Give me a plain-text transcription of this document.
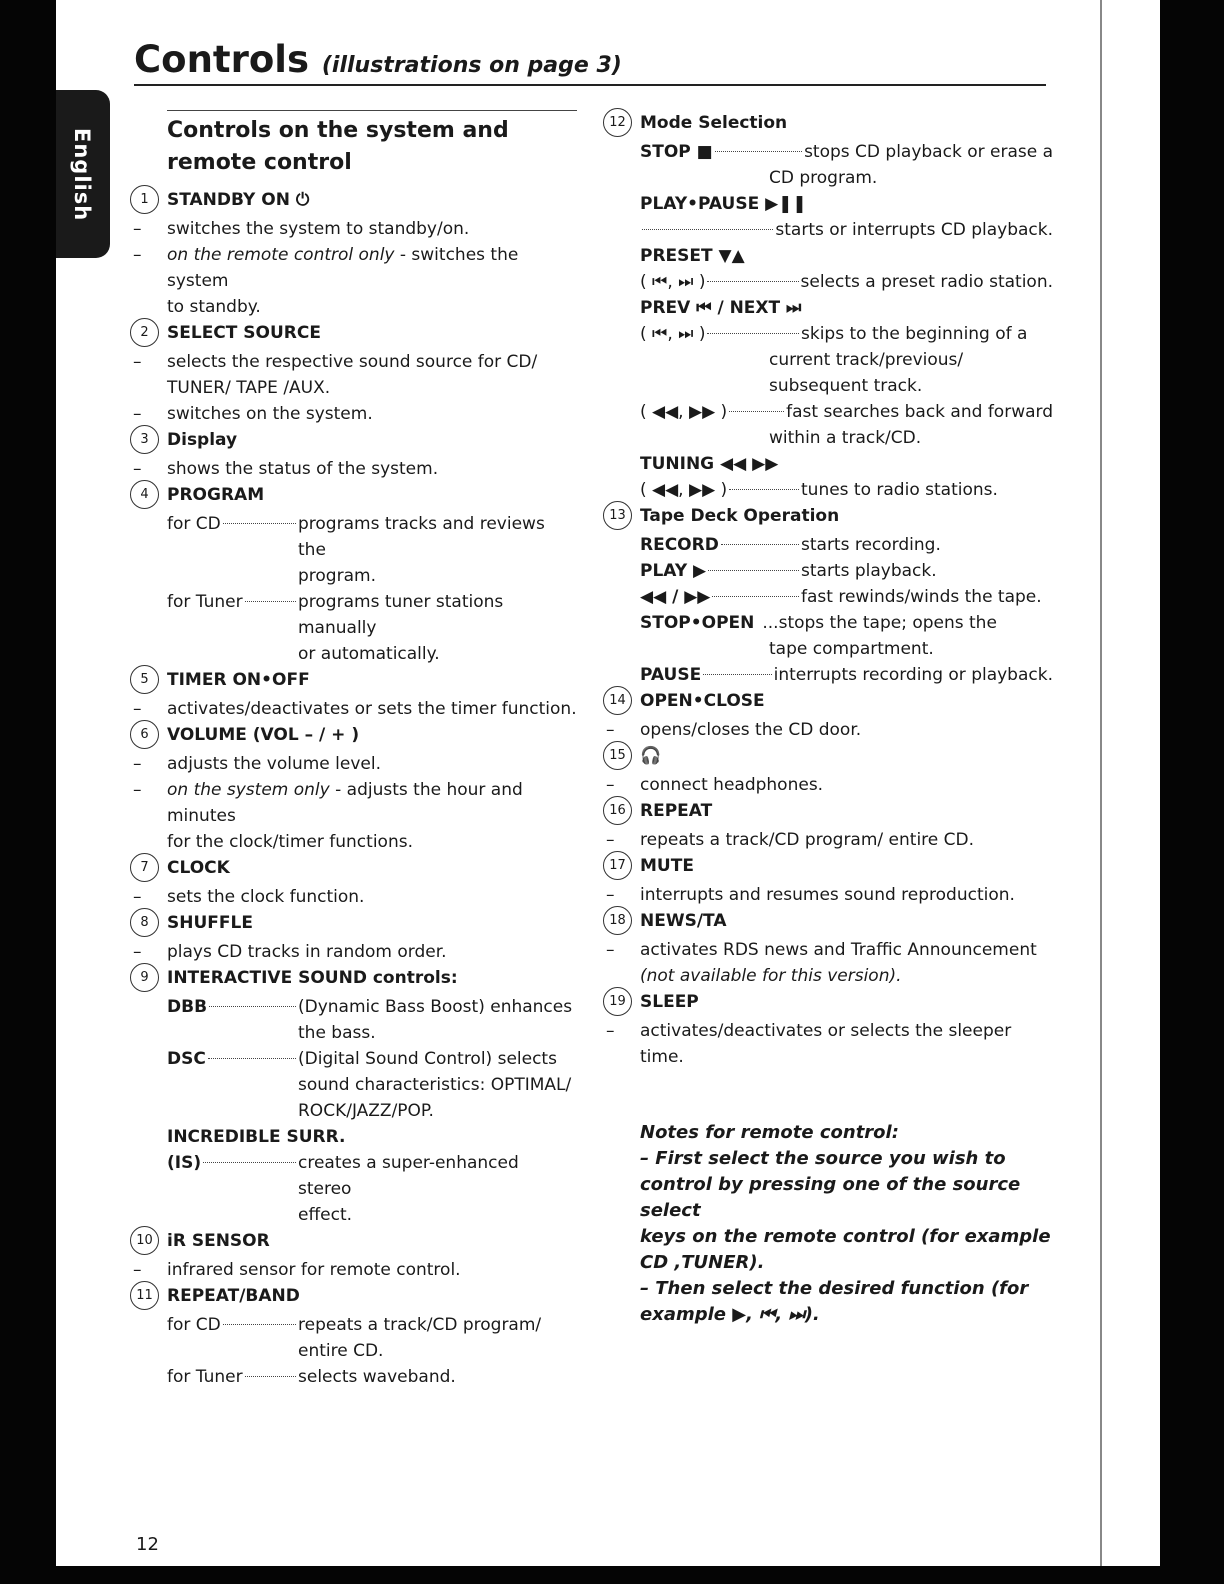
English
Controls (illustrations on page 3)
Controls on the system and
remote control
1	STANDBY ON ⏻
–	switches the system to standby/on.
–	on the remote control only - switches the system
to standby.
2	SELECT SOURCE
–	selects the respective sound source for CD/
TUNER/ TAPE /AUX.
–	switches on the system.
3	Display
–	shows the status of the system.
4	PROGRAM
for CD	programs tracks and reviews the
program.
for Tuner	programs tuner stations manually
or automatically.
5	TIMER ON•OFF
–	activates/deactivates or sets the timer function.
6	VOLUME (VOL – / + )
–	adjusts the volume level.
–	on the system only - adjusts the hour and minutes
for the clock/timer functions.
7	CLOCK
–	sets the clock function.
8	SHUFFLE
–	plays CD tracks in random order.
9	INTERACTIVE SOUND controls:
DBB	(Dynamic Bass Boost) enhances
the bass.
DSC	(Digital Sound Control) selects
sound characteristics: OPTIMAL/
ROCK/JAZZ/POP.
INCREDIBLE SURR.
(IS)	creates a super-enhanced stereo
effect.
10 iR SENSOR
–	infrared sensor for remote control.
11 REPEAT/BAND
for CD	repeats a track/CD program/
entire CD.
for Tuner	selects waveband.
12 Mode Selection
STOP ■	stops CD playback or erase a
CD program.
PLAY•PAUSE ▶❚❚
starts or interrupts CD playback.
PRESET ▼▲
( ⏮, ⏭ )	selects a preset radio station.
PREV ⏮ / NEXT ⏭
( ⏮, ⏭ )	skips to the beginning of a
current track/previous/
subsequent track.
( ◀◀, ▶▶ )	fast searches back and forward
within a track/CD.
TUNING ◀◀ ▶▶
( ◀◀, ▶▶ )	tunes to radio stations.
13 Tape Deck Operation
RECORD	starts recording.
PLAY ▶	starts playback.
◀◀ / ▶▶	fast rewinds/winds the tape.
STOP•OPEN ...stops the tape; opens the
tape compartment.
PAUSE	interrupts recording or playback.
14 OPEN•CLOSE
–	opens/closes the CD door.
15 🎧
–	connect headphones.
16 REPEAT
–	repeats a track/CD program/ entire CD.
17 MUTE
–	interrupts and resumes sound reproduction.
18 NEWS/TA
–	activates RDS news and Traffic Announcement
(not available for this version).
19 SLEEP
–	activates/deactivates or selects the sleeper time.
Notes for remote control:
– First select the source you wish to
control by pressing one of the source select
keys on the remote control (for example
CD ,TUNER).
– Then select the desired function (for
example ▶, ⏮, ⏭).
12
